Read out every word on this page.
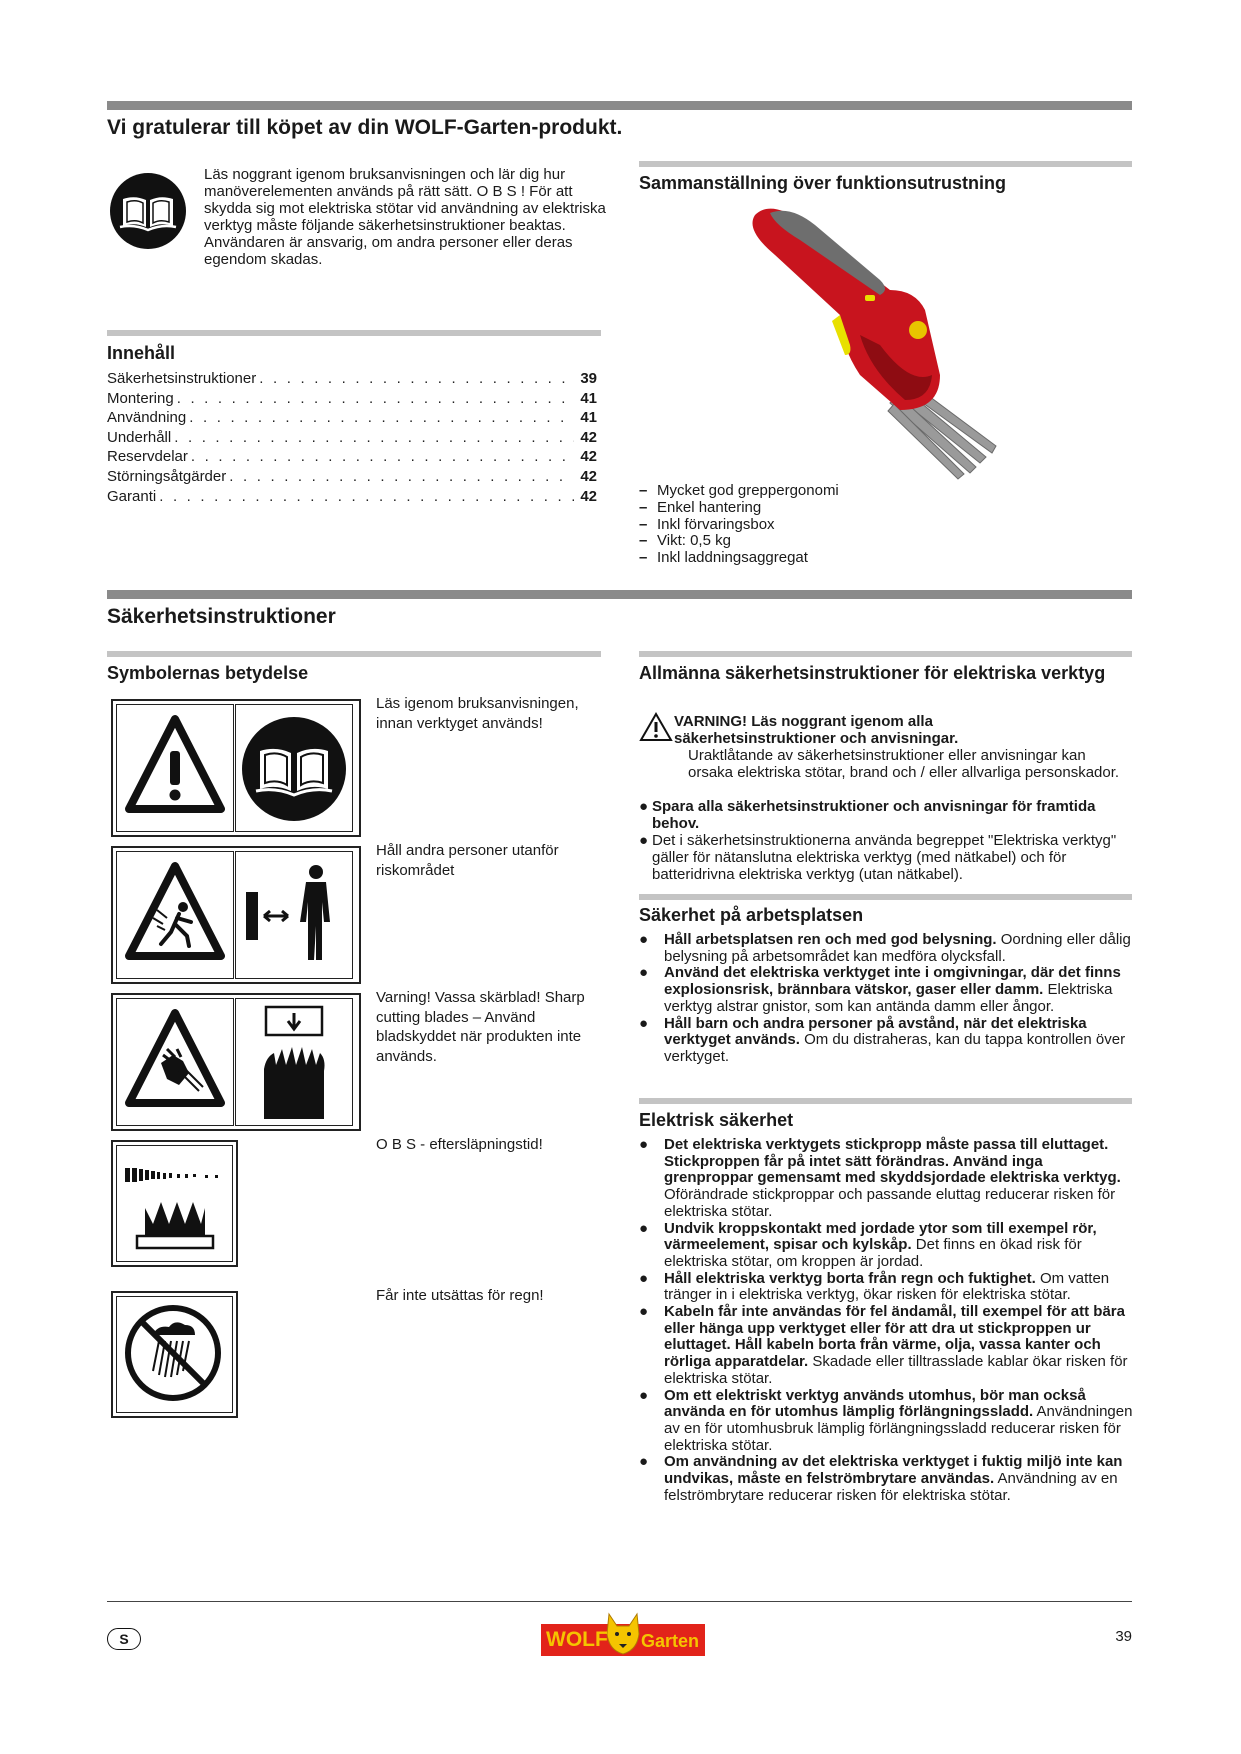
Vi gratulerar till köpet av din WOLF-Garten-produkt.
Läs noggrant igenom bruksanvisningen och lär dig hur manöverelementen används på rätt sätt. O B S ! För att skydda sig mot elektriska stötar vid användning av elektriska verktyg måste följande säkerhetsinstruktioner beaktas. Användaren är ansvarig, om andra personer eller deras egendom skadas.
Innehåll
Säkerhetsinstruktioner . . .	39
Montering . . .	41
Användning . . .	41
Underhåll . . .	42
Reservdelar . . .	42
Störningsåtgärder . . .	42
Garanti . . .	42
Sammanställning över funktionsutrustning
– Mycket god greppergonomi
– Enkel hantering
– Inkl förvaringsbox
– Vikt: 0,5 kg
– Inkl laddningsaggregat
Säkerhetsinstruktioner
Symbolernas betydelse
Läs igenom bruksanvisningen, innan verktyget används!
Håll andra personer utanför riskområdet
Varning! Vassa skärblad! Sharp cutting blades – Använd bladskyddet när produkten inte används.
O B S - eftersläpningstid!
Får inte utsättas för regn!
Allmänna säkerhetsinstruktioner för elektriska verktyg
VARNING! Läs noggrant igenom alla säkerhetsinstruktioner och anvisningar.
Uraktlåtande av säkerhetsinstruktioner eller anvisningar kan orsaka elektriska stötar, brand och / eller allvarliga personskador.

● Spara alla säkerhetsinstruktioner och anvisningar för framtida behov.

● Det i säkerhetsinstruktionerna använda begreppet "Elektriska verktyg" gäller för nätanslutna elektriska verktyg (med nätkabel) och för batteridrivna elektriska verktyg (utan nätkabel).

Säkerhet på arbetsplatsen

● Håll arbetsplatsen ren och med god belysning. Oordning eller dålig belysning på arbetsområdet kan medföra olycksfall.

● Använd det elektriska verktyget inte i omgivningar, där det finns explosionsrisk, brännbara vätskor, gaser eller damm. Elektriska verktyg alstrar gnistor, som kan antända damm eller ångor.

● Håll barn och andra personer på avstånd, när det elektriska verktyget används. Om du distraheras, kan du tappa kontrollen över verktyget.

Elektrisk säkerhet

● Det elektriska verktygets stickpropp måste passa till eluttaget. Stickproppen får på intet sätt förändras. Använd inga grenproppar gemensamt med skyddsjordade elektriska verktyg. Oförändrade stickproppar och passande eluttag reducerar risken för elektriska stötar.

● Undvik kroppskontakt med jordade ytor som till exempel rör, värmeelement, spisar och kylskåp. Det finns en ökad risk för elektriska stötar, om kroppen är jordad.

● Håll elektriska verktyg borta från regn och fuktighet. Om vatten tränger in i elektriska verktyg, ökar risken för elektriska stötar.

● Kabeln får inte användas för fel ändamål, till exempel för att bära eller hänga upp verktyget eller för att dra ut stickproppen ur eluttaget. Håll kabeln borta från värme, olja, vassa kanter och rörliga apparatdelar. Skadade eller tilltrasslade kablar ökar risken för elektriska stötar.

● Om ett elektriskt verktyg används utomhus, bör man också använda en för utomhus lämplig förlängningssladd. Användningen av en för utomhusbruk lämplig förlängningssladd reducerar risken för elektriska stötar.

● Om användning av det elektriska verktyget i fuktig miljö inte kan undvikas, måste en felströmbrytare användas. Användning av en felströmbrytare reducerar risken för elektriska stötar.

S	WOLF Garten	39
